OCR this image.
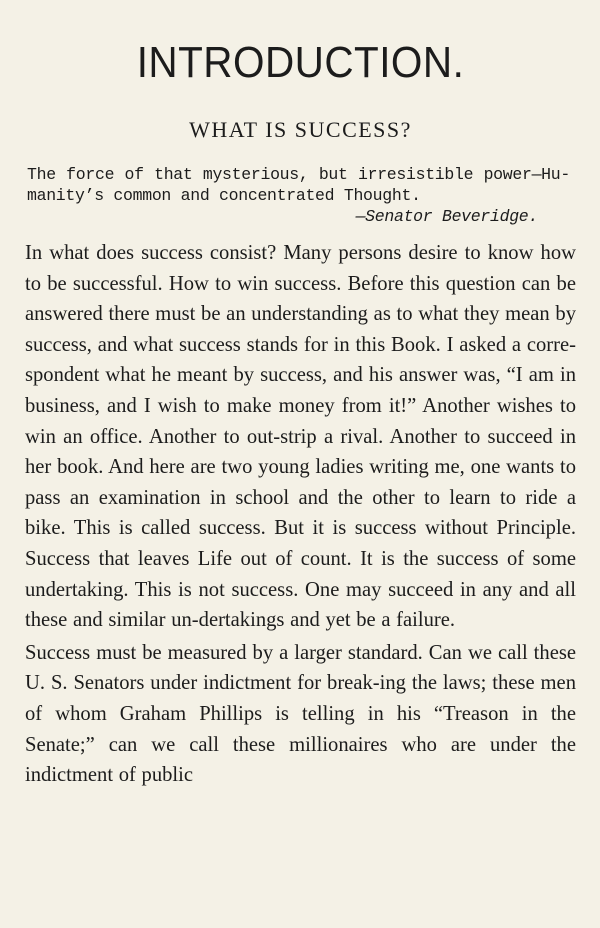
INTRODUCTION.
WHAT IS SUCCESS?
The force of that mysterious, but irresistible power—Hu-manity’s common and concentrated Thought.
—Senator Beveridge.

In what does success consist? Many persons desire to know how to be successful. How to win success. Before this question can be answered there must be an understanding as to what they mean by success, and what success stands for in this Book. I asked a corre-spondent what he meant by success, and his answer was, “I am in business, and I wish to make money from it!” Another wishes to win an office. Another to out-strip a rival. Another to succeed in her book. And here are two young ladies writing me, one wants to pass an examination in school and the other to learn to ride a bike. This is called success. But it is success without Principle. Success that leaves Life out of count. It is the success of some undertaking. This is not success. One may succeed in any and all these and similar un-dertakings and yet be a failure.

Success must be measured by a larger standard. Can we call these U. S. Senators under indictment for break-ing the laws; these men of whom Graham Phillips is telling in his “Treason in the Senate;” can we call these millionaires who are under the indictment of public
